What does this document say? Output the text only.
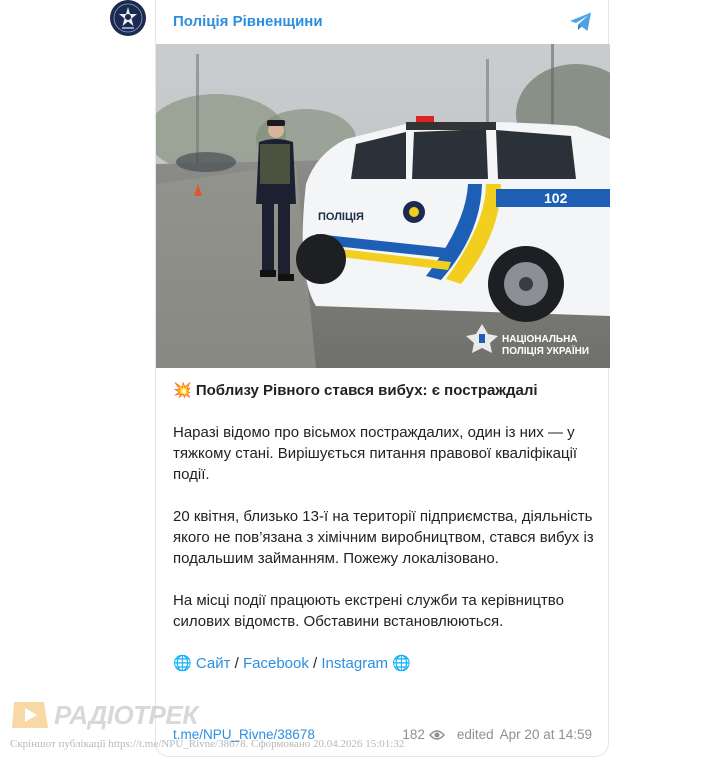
Поліція Рівненщини
102
ПОЛІЦІЯ
НАЦІОНАЛЬНА
ПОЛІЦІЯ УКРАЇНИ

💥 Поблизу Рівного стався вибух: є постраждалі

Наразі відомо про вісьмох постраждалих, один із них — у тяжкому стані. Вирішується питання правової кваліфікації події.

20 квітня, близько 13-ї на території підприємства, діяльність якого не пов’язана з хімічним виробництвом, стався вибух із подальшим займанням. Пожежу локалізовано.

На місці події працюють екстрені служби та керівництво силових відомств. Обставини встановлюються.

🌐 Сайт / Facebook / Instagram 🌐

t.me/NPU_Rivne/38678	182 edited Apr 20 at 14:59
РАДІОТРЕК
Скріншот публікації https://t.me/NPU_Rivne/38678. Сформовано 20.04.2026 15:01:32
